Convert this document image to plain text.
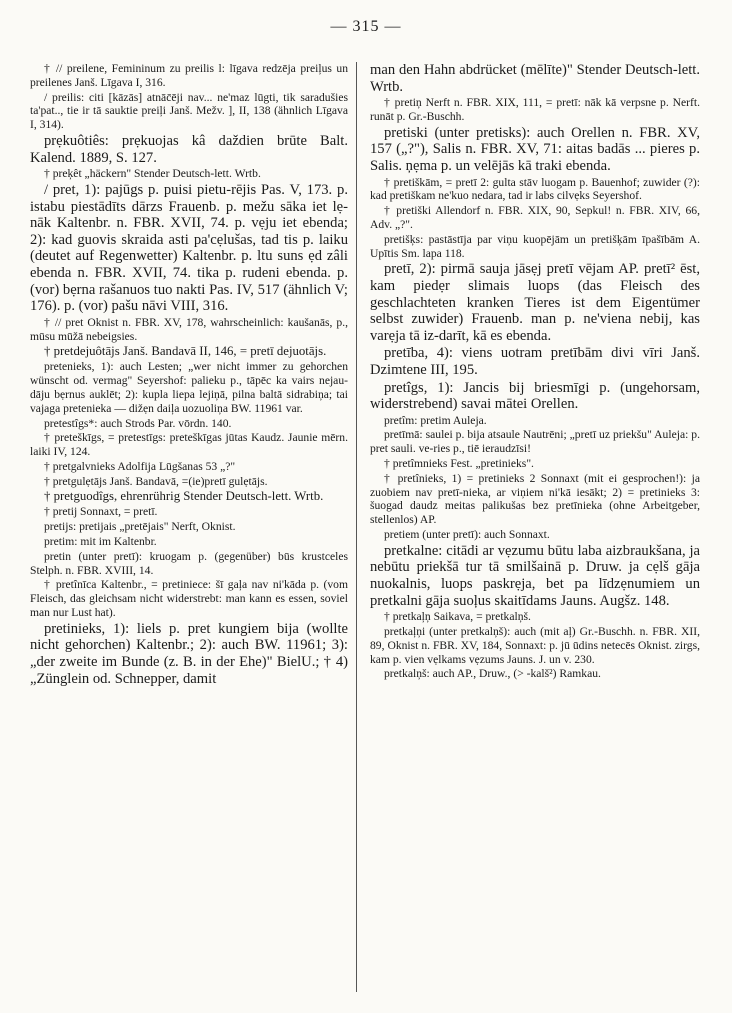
— 315 —

† // preilene, Femininum zu preilis l: līgava redzēja preiļus un preilenes Janš. Līgava I, 316.

/ preilis: citi [kāzās] atnāc̄ēji nav... ne'maz lūgti, tik saradušies ta'pat.., tie ir tā sauktie preiļi Janš. Mežv. ], II, 138 (ähnlich Līgava I, 314).

prẹkuôtiês: prẹkuojas kâ daždien brūte Balt. Kalend. 1889, S. 127.

† preķêt „häckern" Stender Deutsch-lett. Wrtb.

/ pret, 1): pajūgs p. puisi pietu-rējis Pas. V, 173. p. istabu piestādīts dārzs Frauenb. p. mežu sāka iet lẹ-nāk Kaltenbr. n. FBR. XVII, 74. p. vẹju iet ebenda; 2): kad guovis skraida asti pa'cẹlušas, tad tis p. laiku (deutet auf Regenwetter) Kaltenbr. p. ltu suns ẹd zâli ebenda n. FBR. XVII, 74. tika p. rudeni ebenda. p. (vor) bẹrna rašanuos tuo nakti Pas. IV, 517 (ähnlich V; 176). p. (vor) pašu nāvi VIII, 316.

† // pret Oknist n. FBR. XV, 178, wahrscheinlich: kaušanās, p., mūsu mūžā nebeigsies.

† pretdejuôtājs Janš. Bandavā II, 146, = pretī dejuotājs.

pretenieks, 1): auch Lesten; „wer nicht immer zu gehorchen wünscht od. vermag" Seyershof: palieku p., tāpēc ka vairs nejau-dāju bẹrnus auklēt; 2): kupla liepa lejiņā, pilna baltā sidrabiņa; tai vajaga pretenieka — dižẹn daiļa uozuoliņa BW. 11961 var.

pretestîgs*: auch Strods Par. vōrdn. 140.

† preteškīgs, = pretestīgs: preteškīgas jūtas Kaudz. Jaunie mērn. laiki IV, 124.

† pretgalvnieks Adolfija Lūgšanas 53 „?"

† pretgulẹtājs Janš. Bandavā, =(ie)pretī gulẹtājs.

† pretguodîgs, ehrenrührig Stender Deutsch-lett. Wrtb.

† pretij Sonnaxt, = pretī.

pretijs: pretijais „pretējais" Nerft, Oknist.

pretim: mit im Kaltenbr.

pretin (unter pretī): kruogam p. (gegenüber) būs krustceles Stelph. n. FBR. XVIII, 14.

† pretînīca Kaltenbr., = pretiniece: šī gaļa nav ni'kāda p. (vom Fleisch, das gleichsam nicht widerstrebt: man kann es essen, soviel man nur Lust hat).

pretinieks, 1): liels p. pret kungiem bija (wollte nicht gehorchen) Kaltenbr.; 2): auch BW. 11961; 3): „der zweite im Bunde (z. B. in der Ehe)" BielU.; † 4) „Zünglein od. Schnepper, damit

man den Hahn abdrücket (mēlīte)" Stender Deutsch-lett. Wrtb.

† pretiņ Nerft n. FBR. XIX, 111, = pretī: nāk kā verpsne p. Nerft. runāt p. Gr.-Buschh.

pretiski (unter pretisks): auch Orellen n. FBR. XV, 157 („?"), Salis n. FBR. XV, 71: aitas badās ... pieres p. Salis. ņẹma p. un velējās kā traki ebenda.

† pretiškām, = pretī 2: gulta stāv luogam p. Bauenhof; zuwider (?): kad pretiškam ne'kuo nedara, tad ir labs cilvẹks Seyershof.

† pretiški Allendorf n. FBR. XIX, 90, Sepkul! n. FBR. XIV, 66, Adv. „?".

pretišķs: pastāstīja par viņu kuopējām un pretišķām īpašībām A. Upītis Sm. lapa 118.

pretī, 2): pirmā sauja jāsẹj pretī vējam AP. pretī² ēst, kam piedẹr slimais luops (das Fleisch des geschlachteten kranken Tieres ist dem Eigentümer selbst zuwider) Frauenb. man p. ne'viena nebij, kas varẹja tā iz-darīt, kā es ebenda.

pretība, 4): viens uotram pretībām divi vīri Janš. Dzimtene III, 195.

pretîgs, 1): Jancis bij briesmīgi p. (ungehorsam, widerstrebend) savai mātei Orellen.

pretîm: pretim Auleja.

pretīmā: saulei p. bija atsaule Nautrēni; „pretī uz priekšu" Auleja: p. pret sauli. ve-ries p., tiē ieraudzīsi!

† pretîmnieks Fest. „pretinieks".

† pretînieks, 1) = pretinieks 2 Sonnaxt (mit ei gesprochen!): ja zuobiem nav pretī-nieka, ar viņiem ni'kā iesākt; 2) = pretinieks 3: šuogad daudz meitas palikušas bez pretīnieka (ohne Arbeitgeber, stellenlos) AP.

pretiem (unter pretī): auch Sonnaxt.

pretkalne: citādi ar vẹzumu būtu laba aizbraukšana, ja nebūtu priekšā tur tā smilšainā p. Druw. ja cẹlš gāja nuokalnis, luops paskrẹja, bet pa līdzẹnumiem un pretkalni gāja suoļus skaitīdams Jauns. Augšz. 148.

† pretkaļņ Saikava, = pretkalņš.

pretkaļņi (unter pretkalņš): auch (mit aļ) Gr.-Buschh. n. FBR. XII, 89, Oknist n. FBR. XV, 184, Sonnaxt: p. jū ūdins netecēs Oknist. zirgs, kam p. vien vẹlkams vẹzums Jauns. J. un v. 230.

pretkalņš: auch AP., Druw., (> -kalš²) Ramkau.
